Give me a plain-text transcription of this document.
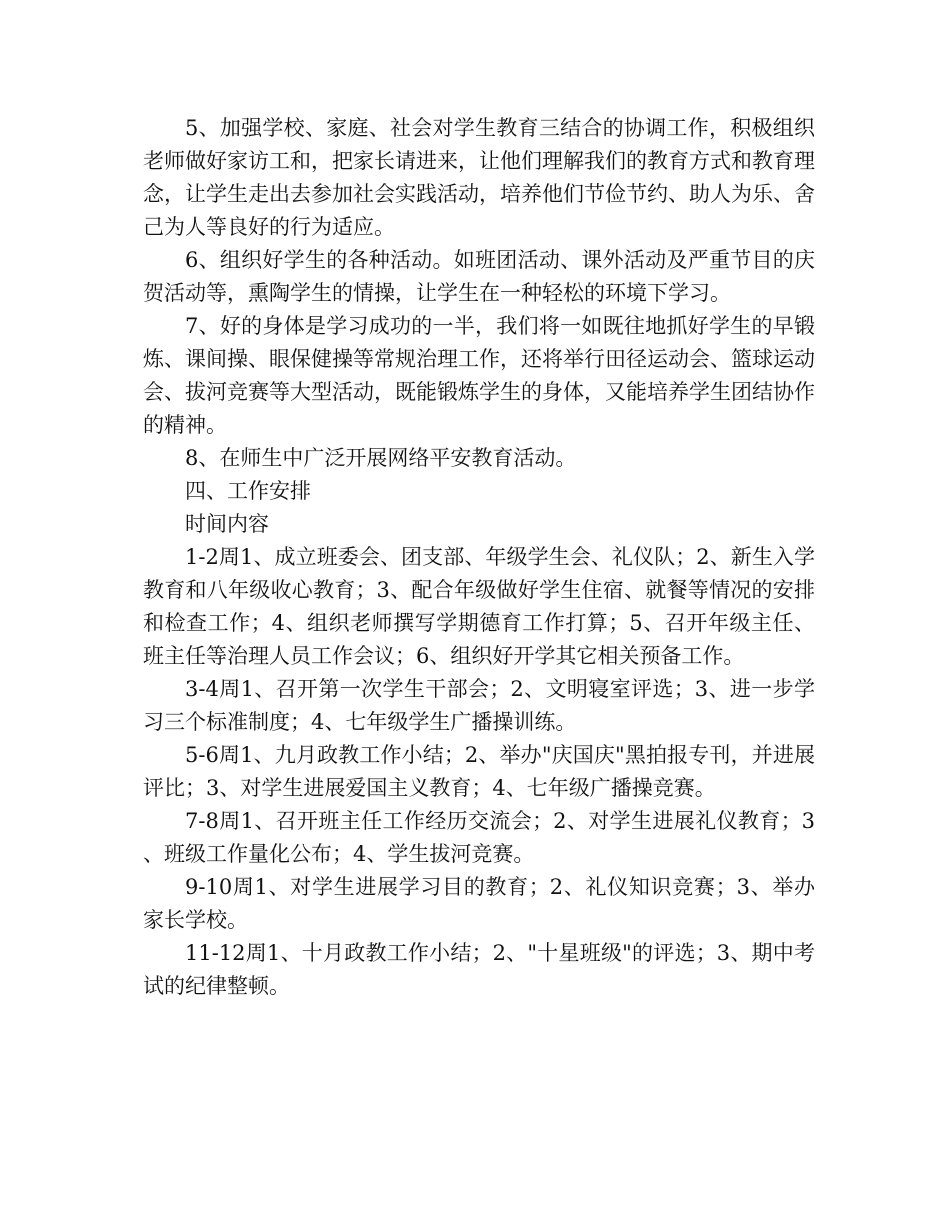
5、加强学校、家庭、社会对学生教育三结合的协调工作，积极组织老师做好家访工和，把家长请进来，让他们理解我们的教育方式和教育理念，让学生走出去参加社会实践活动，培养他们节俭节约、助人为乐、舍己为人等良好的行为适应。

6、组织好学生的各种活动。如班团活动、课外活动及严重节目的庆贺活动等，熏陶学生的情操，让学生在一种轻松的环境下学习。

7、好的身体是学习成功的一半，我们将一如既往地抓好学生的早锻炼、课间操、眼保健操等常规治理工作，还将举行田径运动会、篮球运动会、拔河竞赛等大型活动，既能锻炼学生的身体，又能培养学生团结协作的精神。

8、在师生中广泛开展网络平安教育活动。

四、工作安排

时间内容

1-2周1、成立班委会、团支部、年级学生会、礼仪队；2、新生入学教育和八年级收心教育；3、配合年级做好学生住宿、就餐等情况的安排和检查工作；4、组织老师撰写学期德育工作打算；5、召开年级主任、班主任等治理人员工作会议；6、组织好开学其它相关预备工作。

3-4周1、召开第一次学生干部会；2、文明寝室评选；3、进一步学习三个标准制度；4、七年级学生广播操训练。

5-6周1、九月政教工作小结；2、举办"庆国庆"黑拍报专刊，并进展评比；3、对学生进展爱国主义教育；4、七年级广播操竞赛。

7-8周1、召开班主任工作经历交流会；2、对学生进展礼仪教育；3、班级工作量化公布；4、学生拔河竞赛。

9-10周1、对学生进展学习目的教育；2、礼仪知识竞赛；3、举办家长学校。

11-12周1、十月政教工作小结；2、"十星班级"的评选；3、期中考试的纪律整顿。
